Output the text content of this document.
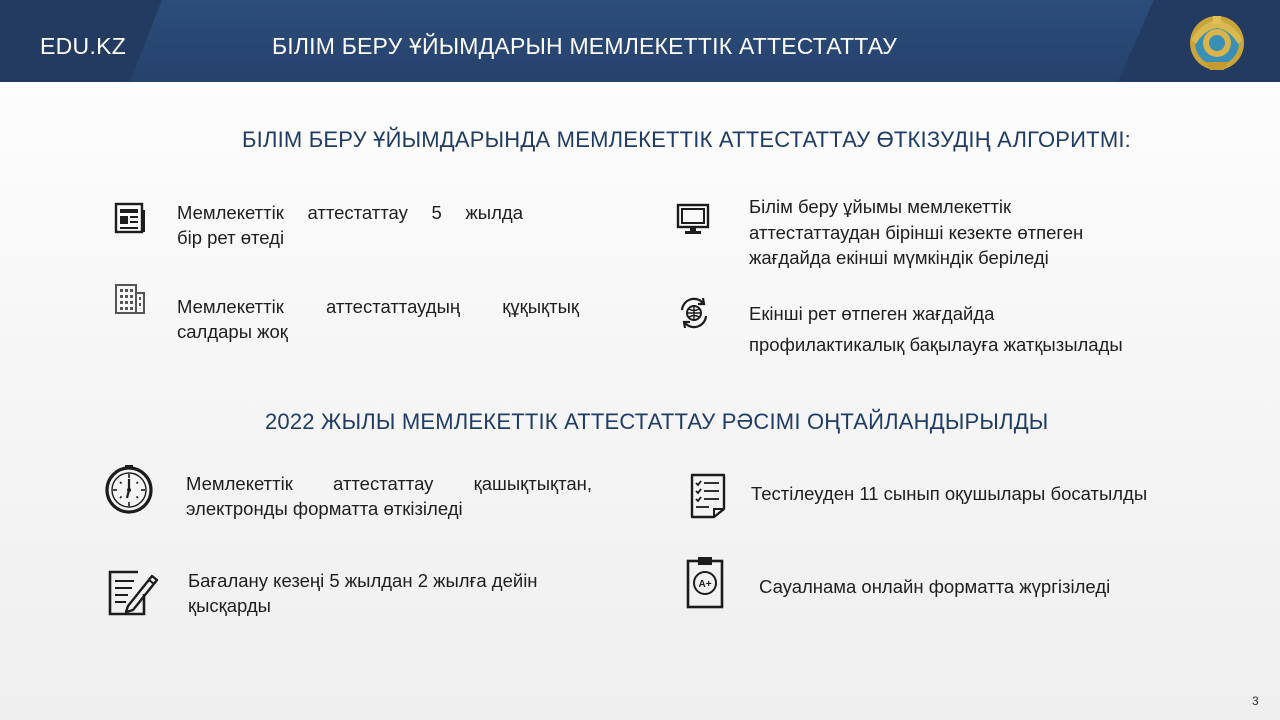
EDU.KZ	БІЛІМ БЕРУ ҰЙЫМДАРЫН МЕМЛЕКЕТТІК АТТЕСТАТТАУ
БІЛІМ БЕРУ ҰЙЫМДАРЫНДА МЕМЛЕКЕТТІК АТТЕСТАТТАУ ӨТКІЗУДІҢ АЛГОРИТМІ:
Мемлекеттік аттестаттау 5 жылда
бір рет өтеді
Мемлекеттік аттестаттаудың құқықтық
салдары жоқ
Білім беру ұйымы мемлекеттік
аттестаттаудан бірінші кезекте өтпеген
жағдайда екінші мүмкіндік беріледі
Екінші рет өтпеген жағдайда
профилактикалық бақылауға жатқызылады
2022 ЖЫЛЫ МЕМЛЕКЕТТІК АТТЕСТАТТАУ РӘСІМІ ОҢТАЙЛАНДЫРЫЛДЫ
Мемлекеттік аттестаттау қашықтықтан,
электронды форматта өткізіледі
Бағалану кезеңі 5 жылдан 2 жылға дейін
қысқарды
Тестілеуден 11 сынып оқушылары босатылды
A+	Сауалнама онлайн форматта жүргізіледі
3
